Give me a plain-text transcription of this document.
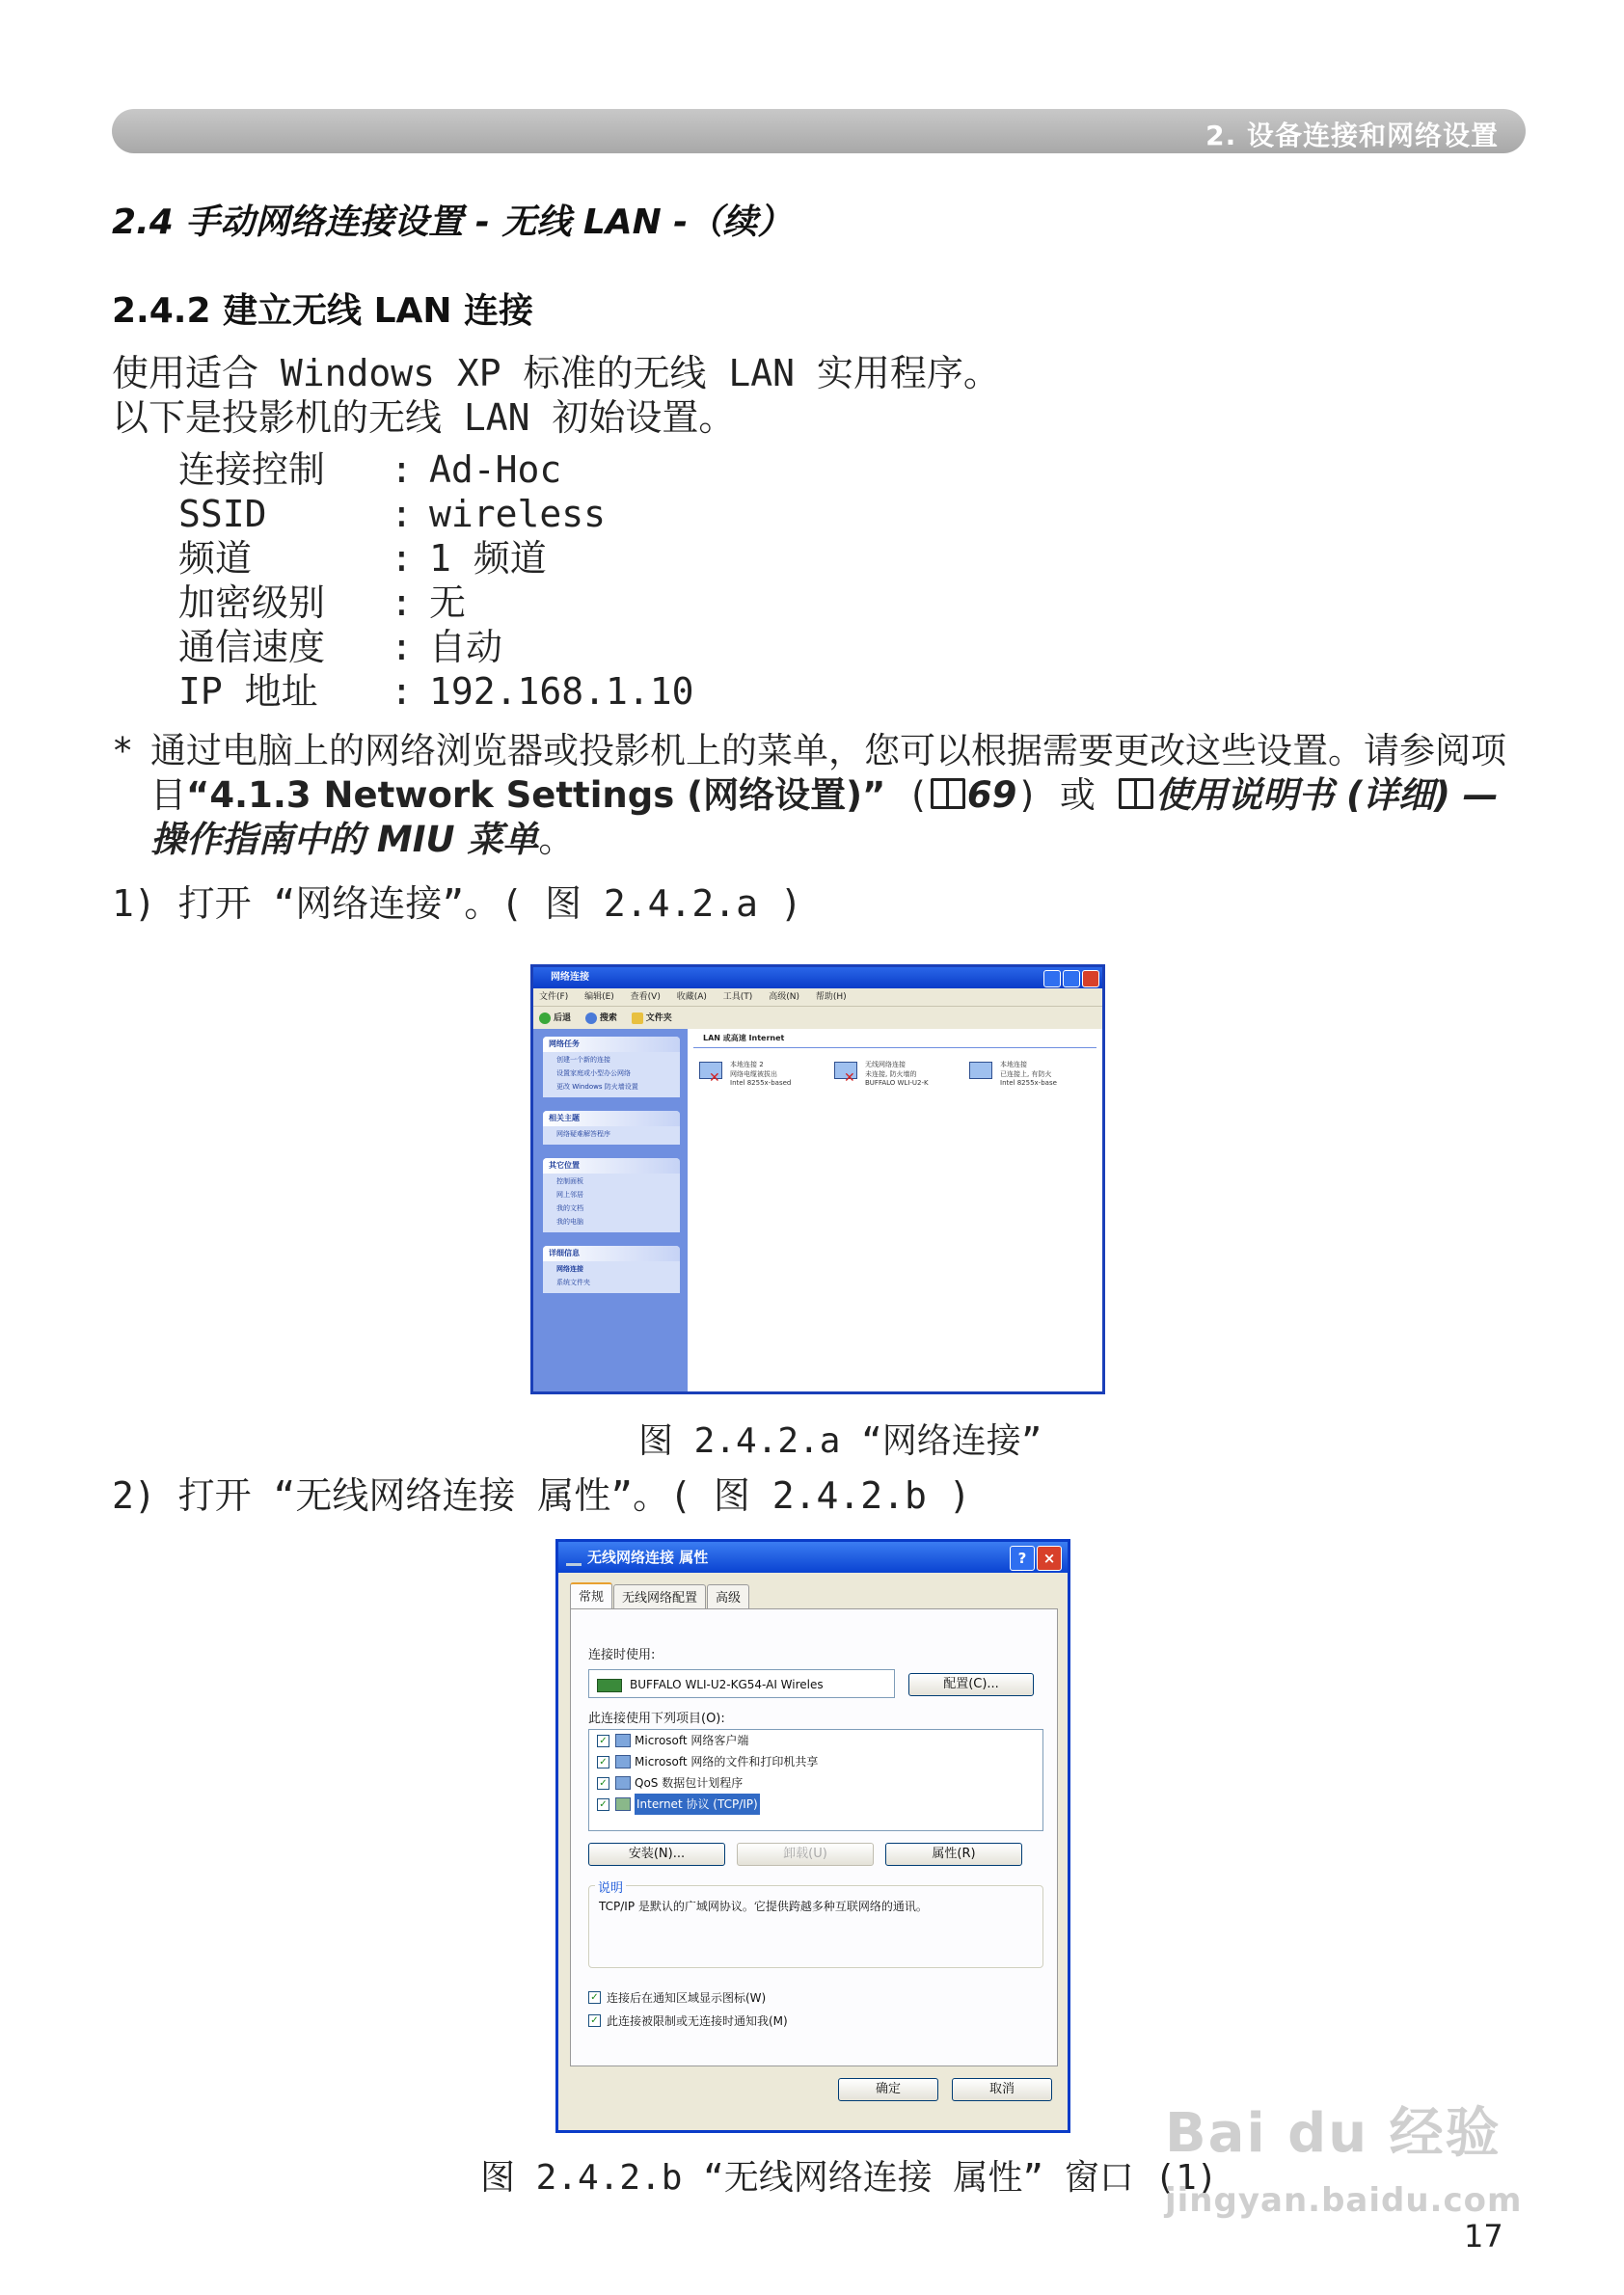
2. 设备连接和网络设置
2.4 手动网络连接设置 - 无线 LAN -（续）
2.4.2 建立无线 LAN 连接
使用适合 Windows XP 标准的无线 LAN 实用程序。
以下是投影机的无线 LAN 初始设置。
连接控制	: Ad-Hoc
SSID	: wireless
频道	: 1 频道
加密级别	: 无
通信速度	: 自动
IP 地址	: 192.168.1.10
* 通过电脑上的网络浏览器或投影机上的菜单，您可以根据需要更改这些设置。请参阅项目“4.1.3 Network Settings (网络设置)” ( 69) 或 使用说明书 (详细) — 操作指南中的 MIU 菜单。
1) 打开 “网络连接”。( 图 2.4.2.a )
网络连接
文件(F) 编辑(E) 查看(V) 收藏(A) 工具(T) 高级(N) 帮助(H)
后退	搜索	文件夹
网络任务
创建一个新的连接
设置家庭或小型办公网络
更改 Windows 防火墙设置
相关主题
网络疑难解答程序
其它位置
控制面板
网上邻居
我的文档
我的电脑
详细信息
网络连接
系统文件夹
LAN 或高速 Internet
✕
本地连接 2
网络电缆被拔出
Intel 8255x-based	✕
无线网络连接
未连接, 防火墙的
BUFFALO WLI-U2-K
本地连接
已连接上, 有防火
Intel 8255x-base
图 2.4.2.a “网络连接”
2) 打开 “无线网络连接 属性”。( 图 2.4.2.b )
无线网络连接 属性	?	×
常规	无线网络配置	高级
连接时使用:
BUFFALO WLI-U2-KG54-AI Wireles	配置(C)...
此连接使用下列项目(O):
✓ Microsoft 网络客户端
✓ Microsoft 网络的文件和打印机共享
✓ QoS 数据包计划程序
✓	Internet 协议 (TCP/IP)
安装(N)...	卸载(U)	属性(R)
说明
TCP/IP 是默认的广域网协议。它提供跨越多种互联网络的通讯。
✓ 连接后在通知区域显示图标(W)
✓ 此连接被限制或无连接时通知我(M)
确定	取消
图 2.4.2.b “无线网络连接 属性” 窗口 (1)
Bai du 经验
jingyan.baidu.com
17
